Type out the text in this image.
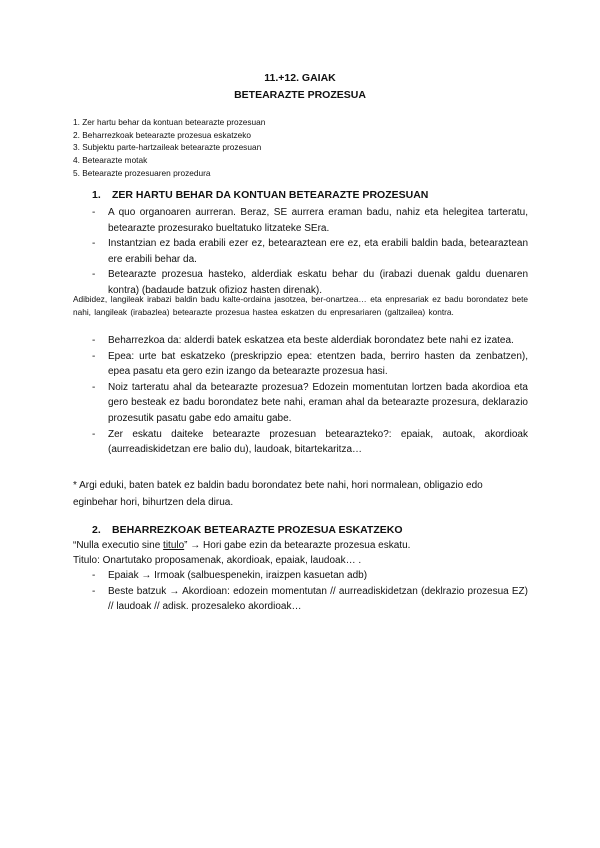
11.+12. GAIAK
BETEARAZTE PROZESUA
1. Zer hartu behar da kontuan betearazte prozesuan
2. Beharrezkoak betearazte prozesua eskatzeko
3. Subjektu parte-hartzaileak betearazte prozesuan
4. Betearazte motak
5. Betearazte prozesuaren prozedura
1. ZER HARTU BEHAR DA KONTUAN BETEARAZTE PROZESUAN
- A quo organoaren aurreran. Beraz, SE aurrera eraman badu, nahiz eta helegitea tarteratu, betearazte prozesurako bueltatuko litzateke SEra.
- Instantzian ez bada erabili ezer ez, betearaztean ere ez, eta erabili baldin bada, betearaztean ere erabili behar da.
- Betearazte prozesua hasteko, alderdiak eskatu behar du (irabazi duenak galdu duenaren kontra) (badaude batzuk ofizioz hasten direnak).
Adibidez, langileak irabazi baldin badu kalte-ordaina jasotzea, ber-onartzea… eta enpresariak ez badu borondatez bete nahi, langileak (irabazlea) betearazte prozesua hastea eskatzen du enpresariaren (galtzailea) kontra.
- Beharrezkoa da: alderdi batek eskatzea eta beste alderdiak borondatez bete nahi ez izatea.
- Epea: urte bat eskatzeko (preskripzio epea: etentzen bada, berriro hasten da zenbatzen), epea pasatu eta gero ezin izango da betearazte prozesua hasi.
- Noiz tarteratu ahal da betearazte prozesua? Edozein momentutan lortzen bada akordioa eta gero besteak ez badu borondatez bete nahi, eraman ahal da betearazte prozesura, deklarazio prozesutik pasatu gabe edo amaitu gabe.
- Zer eskatu daiteke betearazte prozesuan betearazteko?: epaiak, autoak, akordioak (aurreadiskidetzan ere balio du), laudoak, bitartekaritza…
* Argi eduki, baten batek ez baldin badu borondatez bete nahi, hori normalean, obligazio edo eginbehar hori, bihurtzen dela dirua.
2. BEHARREZKOAK BETEARAZTE PROZESUA ESKATZEKO
“Nulla executio sine titulo” → Hori gabe ezin da betearazte prozesua eskatu.
Titulo: Onartutako proposamenak, akordioak, epaiak, laudoak… .
- Epaiak → Irmoak (salbuespenekin, iraizpen kasuetan adb)
- Beste batzuk → Akordioan: edozein momentutan // aurreadiskidetzan (deklrazio prozesua EZ) // laudoak // adisk. prozesaleko akordioak…
